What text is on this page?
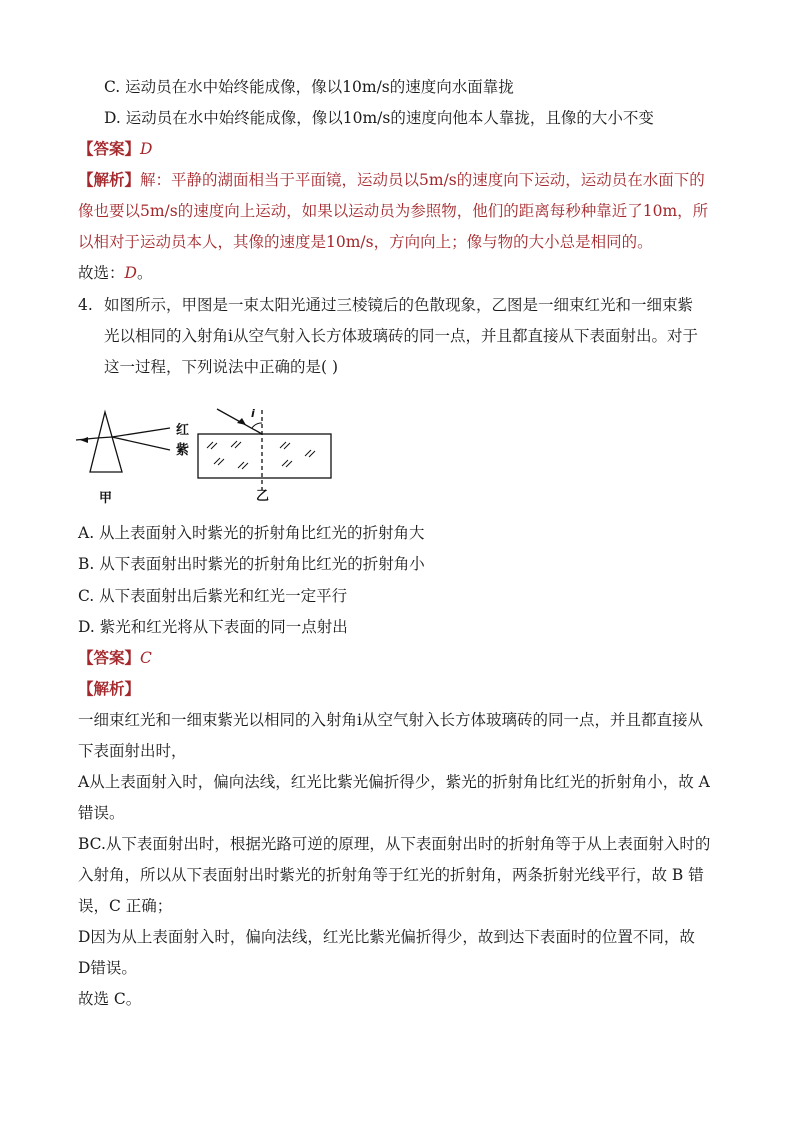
C. 运动员在水中始终能成像，像以10m/s的速度向水面靠拢
D. 运动员在水中始终能成像，像以10m/s的速度向他本人靠拢，且像的大小不变
【答案】D
【解析】解：平静的湖面相当于平面镜，运动员以5m/s的速度向下运动，运动员在水面下的
像也要以5m/s的速度向上运动，如果以运动员为参照物，他们的距离每秒种靠近了10m，所
以相对于运动员本人，其像的速度是10m/s，方向向上；像与物的大小总是相同的。
故选：D。
4. 如图所示，甲图是一束太阳光通过三棱镜后的色散现象，乙图是一细束红光和一细束紫
光以相同的入射角i从空气射入长方体玻璃砖的同一点，并且都直接从下表面射出。对于
这一过程，下列说法中正确的是( )
红
紫
甲
i
乙
A. 从上表面射入时紫光的折射角比红光的折射角大
B. 从下表面射出时紫光的折射角比红光的折射角小
C. 从下表面射出后紫光和红光一定平行
D. 紫光和红光将从下表面的同一点射出
【答案】C
【解析】
一细束红光和一细束紫光以相同的入射角i从空气射入长方体玻璃砖的同一点，并且都直接从
下表面射出时，
A从上表面射入时，偏向法线，红光比紫光偏折得少，紫光的折射角比红光的折射角小，故 A
错误。
BC.从下表面射出时，根据光路可逆的原理，从下表面射出时的折射角等于从上表面射入时的
入射角，所以从下表面射出时紫光的折射角等于红光的折射角，两条折射光线平行，故 B 错
误，C 正确；
D因为从上表面射入时，偏向法线，红光比紫光偏折得少，故到达下表面时的位置不同，故
D错误。
故选 C。
